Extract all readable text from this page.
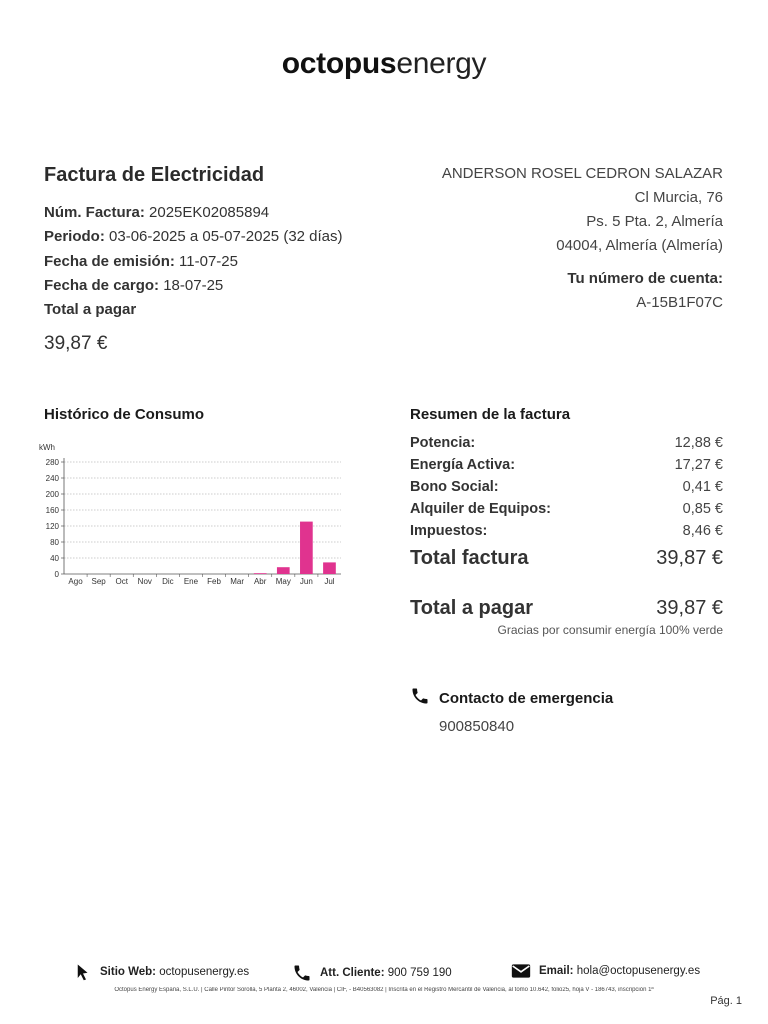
octopusenergy
Factura de Electricidad
Núm. Factura: 2025EK02085894
Periodo: 03-06-2025 a 05-07-2025 (32 días)
Fecha de emisión: 11-07-25
Fecha de cargo: 18-07-25
Total a pagar
39,87 €
ANDERSON ROSEL CEDRON SALAZAR
Cl Murcia, 76
Ps. 5 Pta. 2, Almería
04004, Almería (Almería)
Tu número de cuenta:
A-15B1F07C
Histórico de Consumo
kWh
0
40
80
120
160
200
240
280
Ago Sep Oct Nov Dic Ene Feb Mar Abr May Jun Jul
Resumen de la factura
Potencia:	12,88 €
Energía Activa:	17,27 €
Bono Social:	0,41 €
Alquiler de Equipos:	0,85 €
Impuestos:	8,46 €
Total factura	39,87 €
Total a pagar	39,87 €
Gracias por consumir energía 100% verde
Contacto de emergencia
900850840
Sitio Web: octopusenergy.es	Att. Cliente: 900 759 190	Email: hola@octopusenergy.es
Octopus Energy España, S.L.U. | Calle Pintor Sorolla, 5 Planta 2, 46002, Valencia | CIF, - B40563082 | Inscrita en el Registro Mercantil de Valencia, al tomo 10.642, folio25, hoja V - 186743, inscripción 1ª
Pág. 1
